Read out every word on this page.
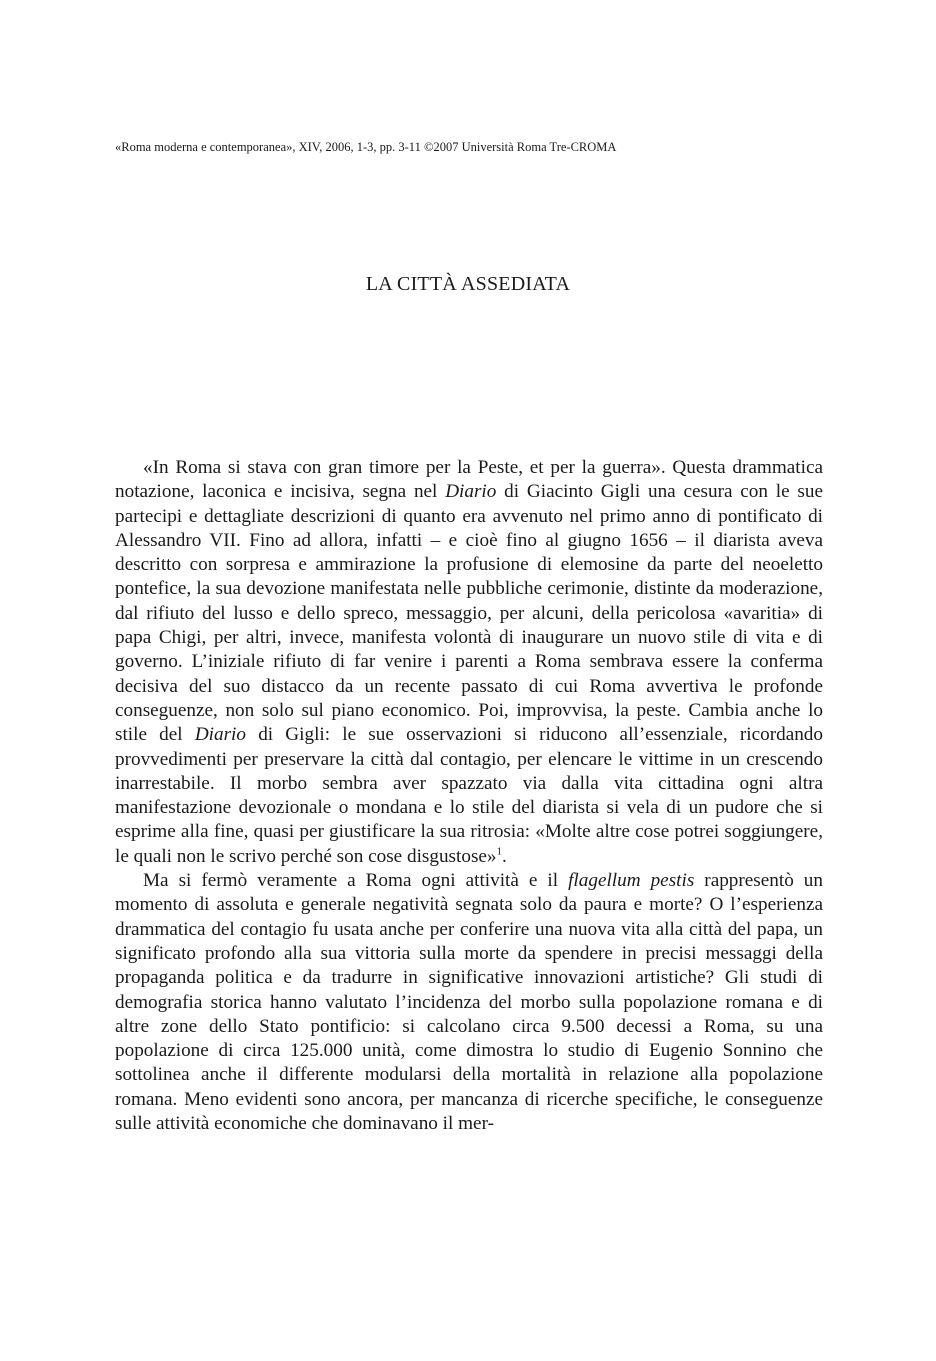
«Roma moderna e contemporanea», XIV, 2006, 1-3, pp. 3-11 ©2007 Università Roma Tre-CROMA
LA CITTÀ ASSEDIATA

«In Roma si stava con gran timore per la Peste, et per la guerra». Questa drammatica notazione, laconica e incisiva, segna nel Diario di Giacinto Gigli una cesura con le sue partecipi e dettagliate descrizioni di quanto era avvenuto nel primo anno di pontificato di Alessandro VII. Fino ad allora, infatti – e cioè fino al giugno 1656 – il diarista aveva descritto con sorpresa e ammirazione la profusione di elemosine da parte del neoeletto pontefice, la sua devozione manifestata nelle pubbliche cerimonie, distinte da moderazione, dal rifiuto del lusso e dello spreco, messaggio, per alcuni, della pericolosa «avaritia» di papa Chigi, per altri, invece, manifesta volontà di inaugurare un nuovo stile di vita e di governo. L’iniziale rifiuto di far venire i parenti a Roma sembrava essere la conferma decisiva del suo distacco da un recente passato di cui Roma avvertiva le profonde conseguenze, non solo sul piano economico. Poi, improvvisa, la peste. Cambia anche lo stile del Diario di Gigli: le sue osservazioni si riducono all’essenziale, ricordando provvedimenti per preservare la città dal contagio, per elencare le vittime in un crescendo inarrestabile. Il morbo sembra aver spazzato via dalla vita cittadina ogni altra manifestazione devozionale o mondana e lo stile del diarista si vela di un pudore che si esprime alla fine, quasi per giustificare la sua ritrosia: «Molte altre cose potrei soggiungere, le quali non le scrivo perché son cose disgustose»$^1$.

Ma si fermò veramente a Roma ogni attività e il flagellum pestis rappresentò un momento di assoluta e generale negatività segnata solo da paura e morte? O l’esperienza drammatica del contagio fu usata anche per conferire una nuova vita alla città del papa, un significato profondo alla sua vittoria sulla morte da spendere in precisi messaggi della propaganda politica e da tradurre in significative innovazioni artistiche? Gli studi di demografia storica hanno valutato l’incidenza del morbo sulla popolazione romana e di altre zone dello Stato pontificio: si calcolano circa 9.500 decessi a Roma, su una popolazione di circa 125.000 unità, come dimostra lo studio di Eugenio Sonnino che sottolinea anche il differente modularsi della mortalità in relazione alla popolazione romana. Meno evidenti sono ancora, per mancanza di ricerche specifiche, le conseguenze sulle attività economiche che dominavano il mer-
